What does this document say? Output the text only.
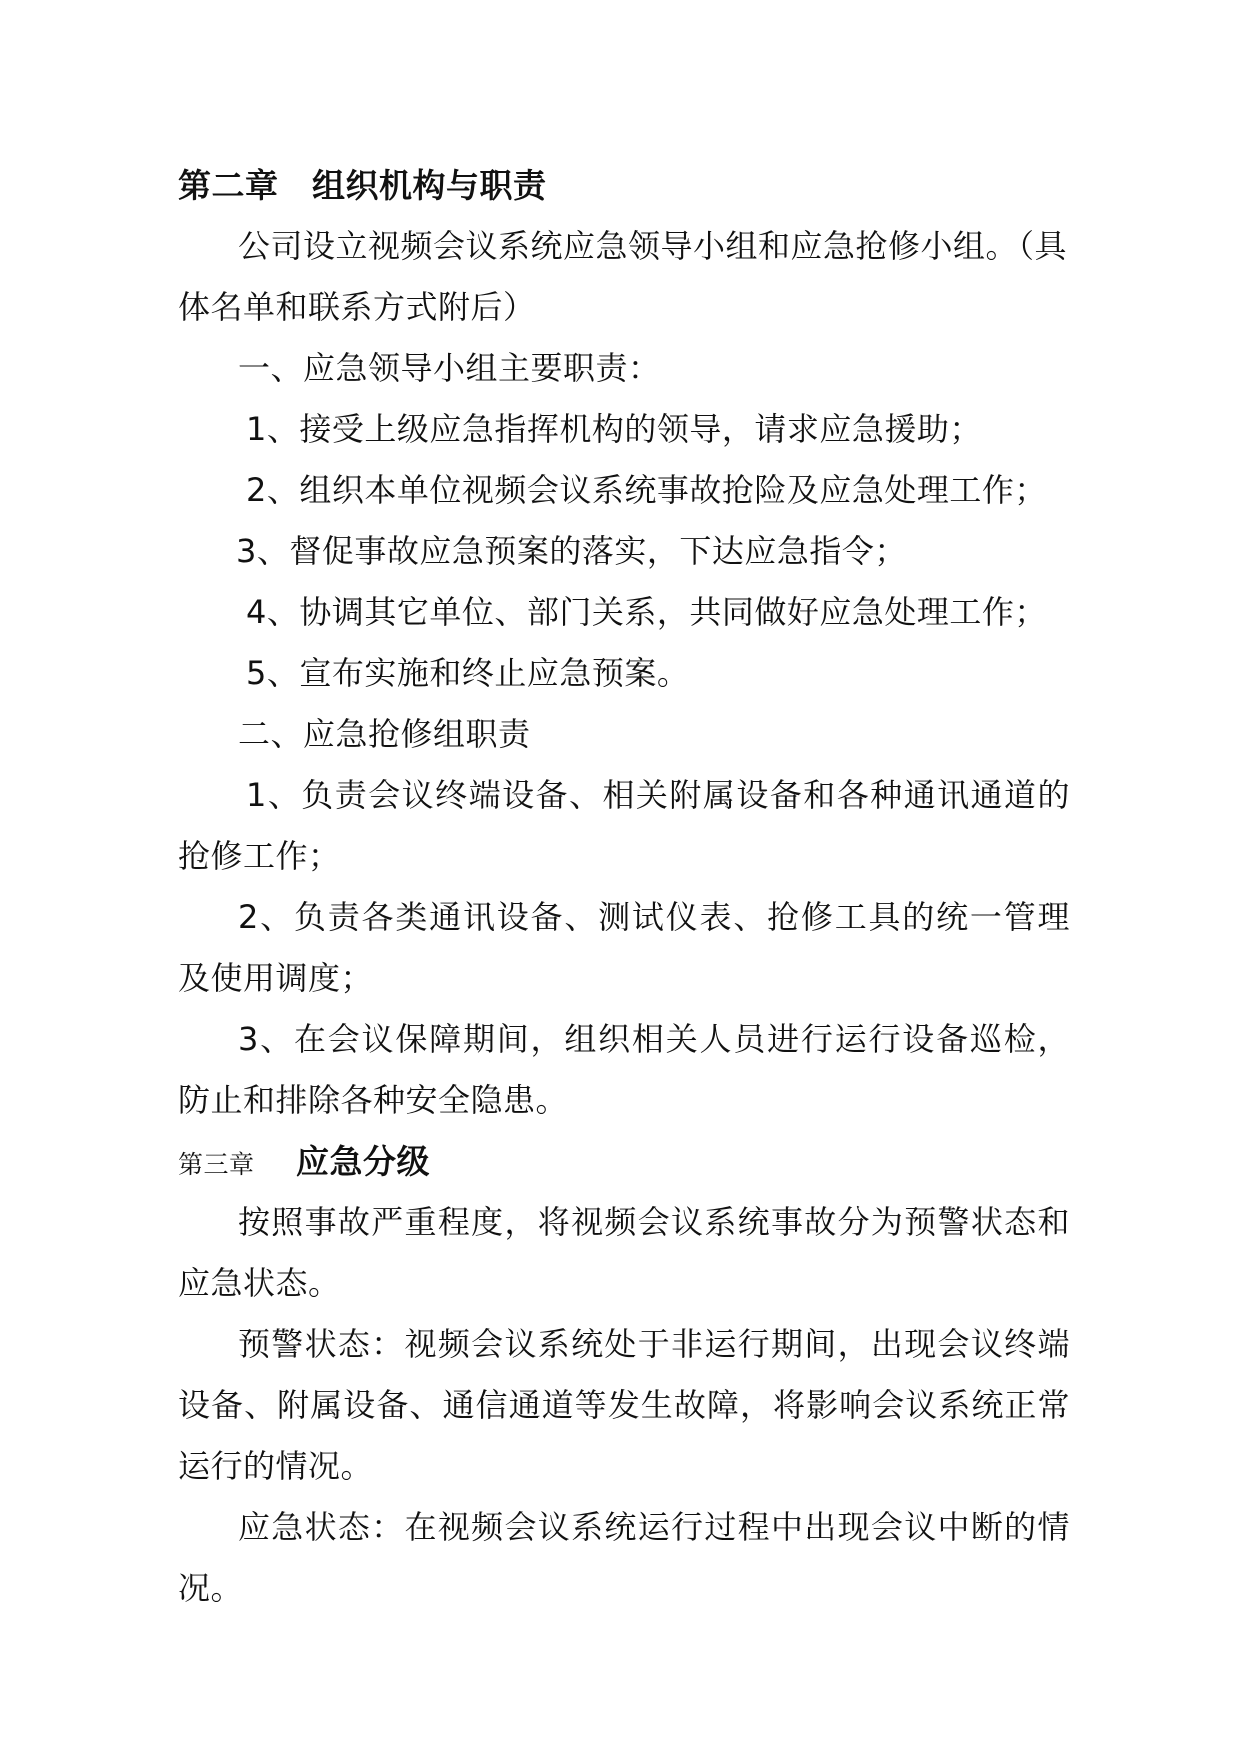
第二章 组织机构与职责
公司设立视频会议系统应急领导小组和应急抢修小组。（具体名单和联系方式附后）
一、应急领导小组主要职责：
1、接受上级应急指挥机构的领导，请求应急援助；
2、组织本单位视频会议系统事故抢险及应急处理工作；
3、督促事故应急预案的落实，下达应急指令；
4、协调其它单位、部门关系，共同做好应急处理工作；
5、宣布实施和终止应急预案。
二、应急抢修组职责
1、负责会议终端设备、相关附属设备和各种通讯通道的抢修工作；
2、负责各类通讯设备、测试仪表、抢修工具的统一管理及使用调度；
3、在会议保障期间，组织相关人员进行运行设备巡检，防止和排除各种安全隐患。
第三章 应急分级
按照事故严重程度，将视频会议系统事故分为预警状态和应急状态。
预警状态：视频会议系统处于非运行期间，出现会议终端设备、附属设备、通信通道等发生故障，将影响会议系统正常运行的情况。
应急状态：在视频会议系统运行过程中出现会议中断的情况。
